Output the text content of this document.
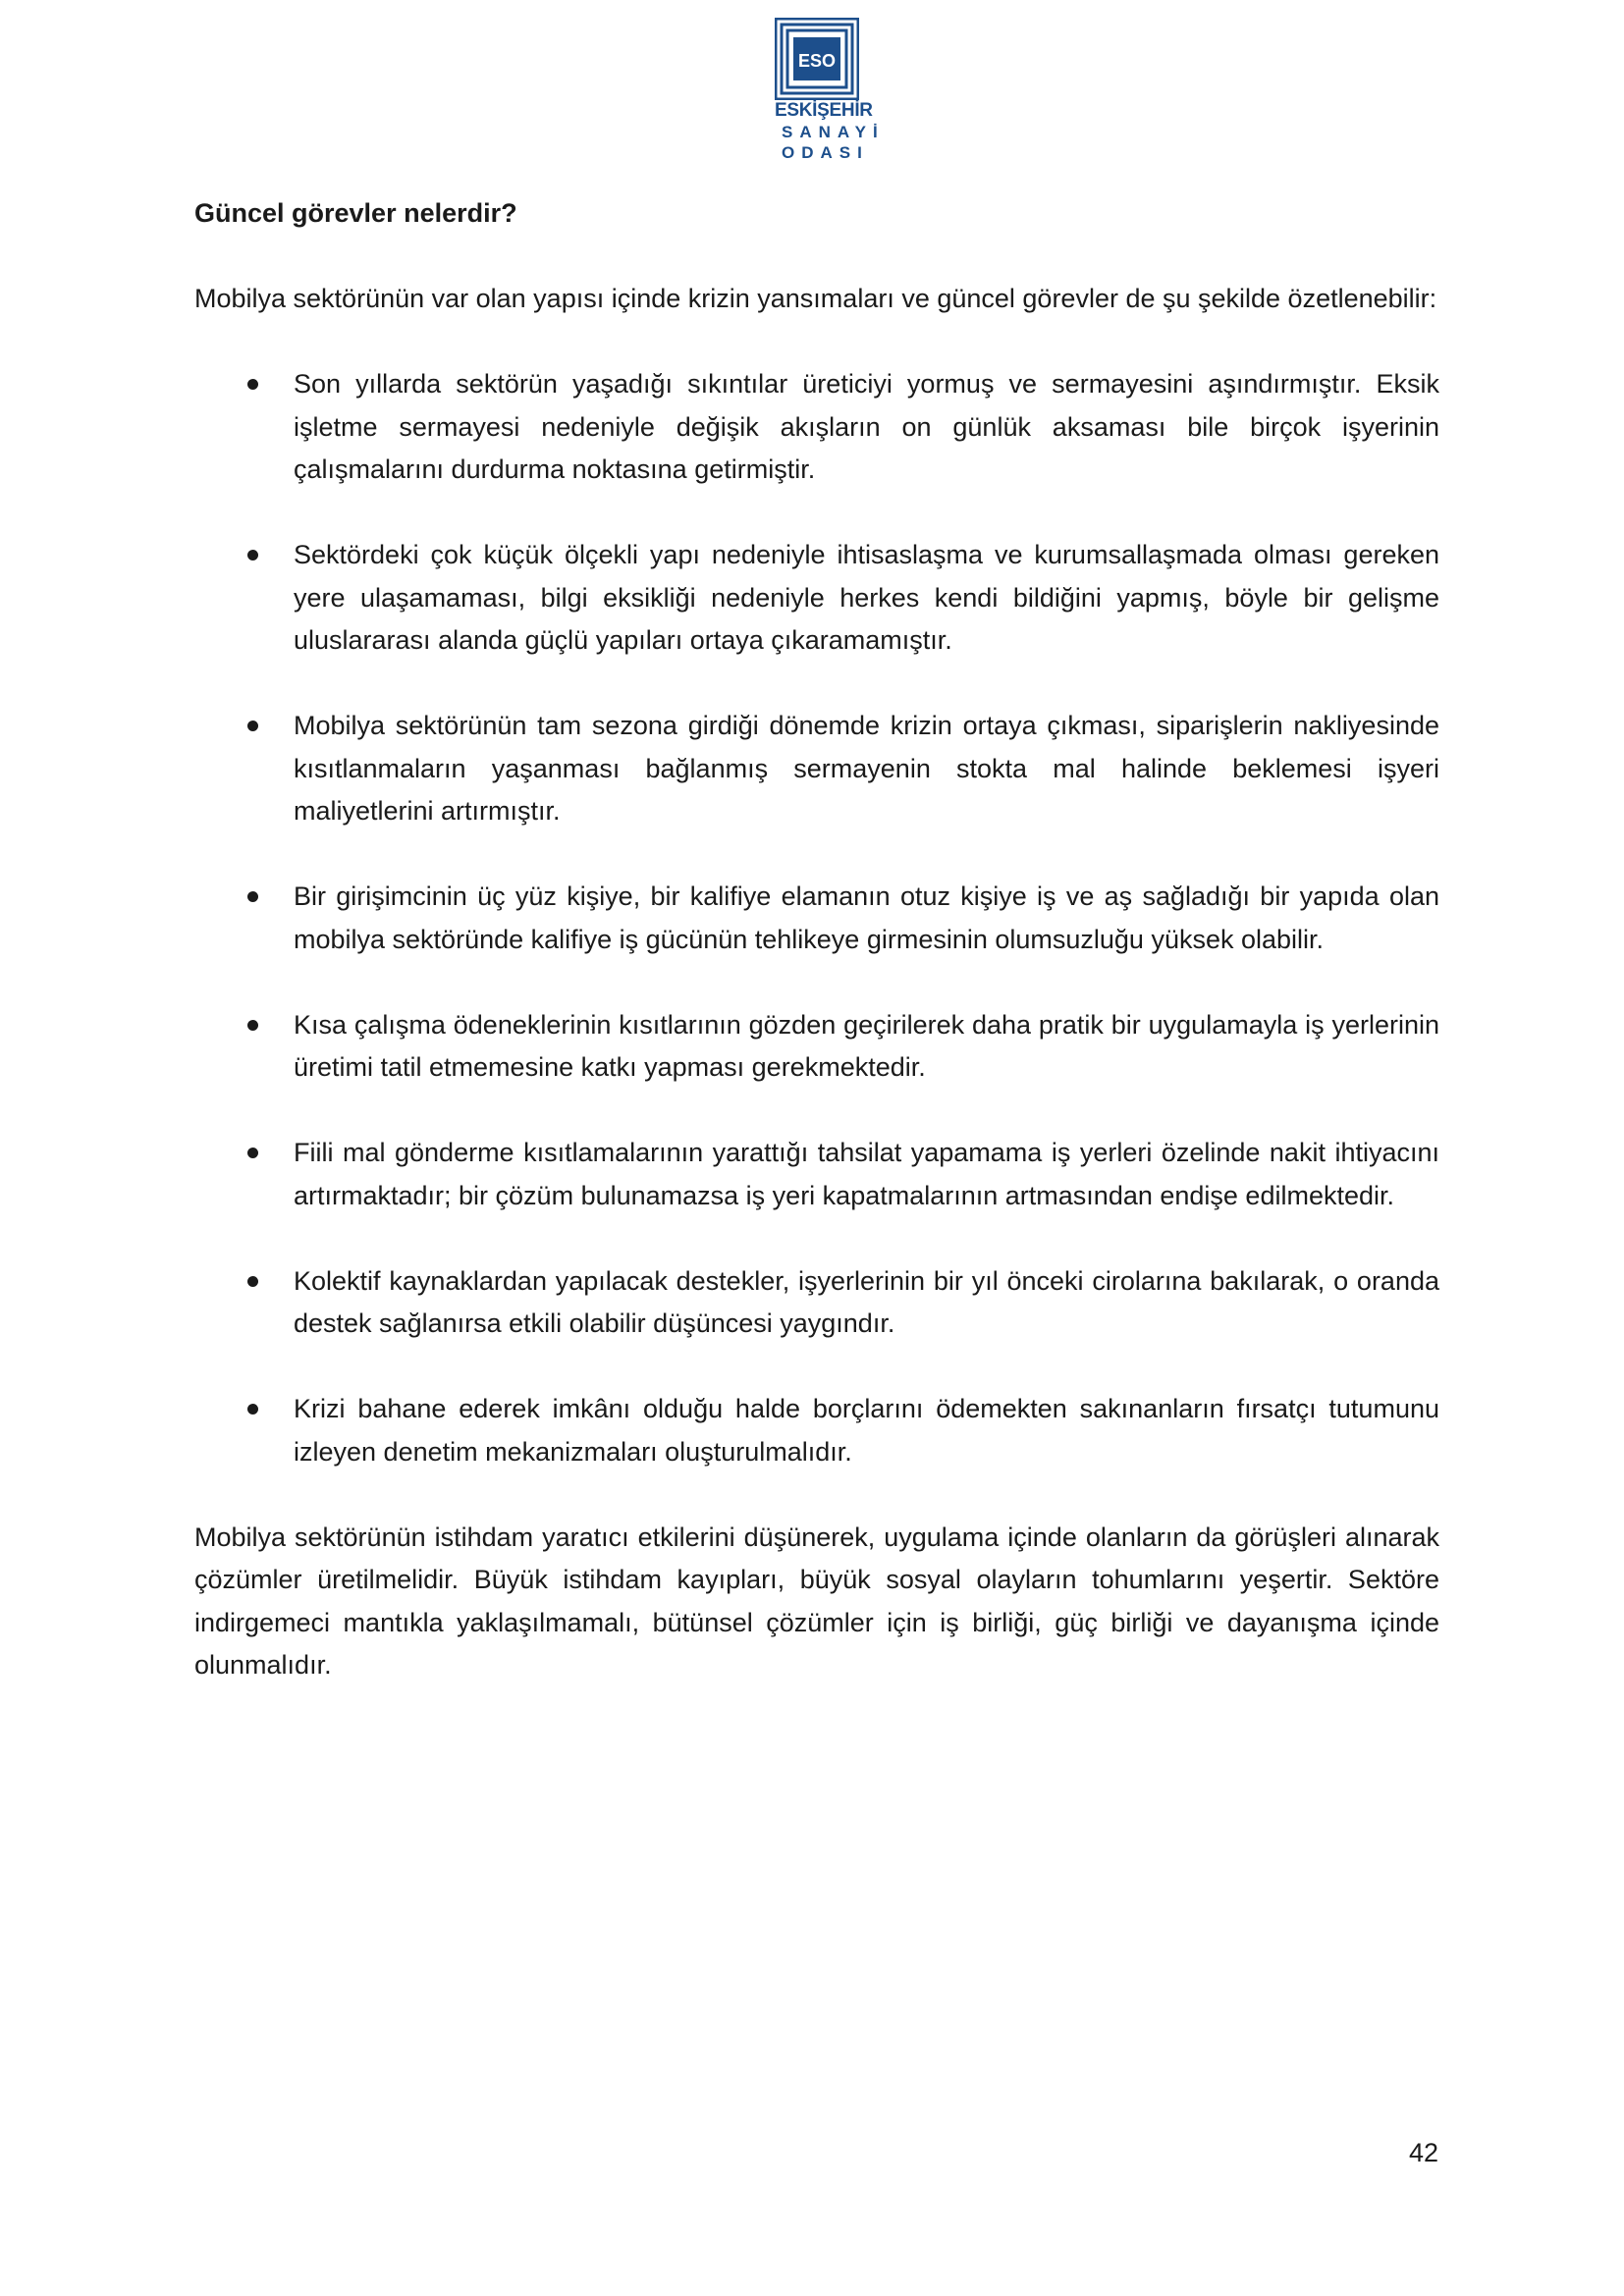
ESO
ESKİŞEHİR
SANAYİ
ODASI

Güncel görevler nelerdir?

Mobilya sektörünün var olan yapısı içinde krizin yansımaları ve güncel görevler de şu şekilde özetlenebilir:

Son yıllarda sektörün yaşadığı sıkıntılar üreticiyi yormuş ve sermayesini aşındırmıştır. Eksik işletme sermayesi nedeniyle değişik akışların on günlük aksaması bile birçok işyerinin çalışmalarını durdurma noktasına getirmiştir.
Sektördeki çok küçük ölçekli yapı nedeniyle ihtisaslaşma ve kurumsallaşmada olması gereken yere ulaşamaması, bilgi eksikliği nedeniyle herkes kendi bildiğini yapmış, böyle bir gelişme uluslararası alanda güçlü yapıları ortaya çıkaramamıştır.
Mobilya sektörünün tam sezona girdiği dönemde krizin ortaya çıkması, siparişlerin nakliyesinde kısıtlanmaların yaşanması bağlanmış sermayenin stokta mal halinde beklemesi işyeri maliyetlerini artırmıştır.
Bir girişimcinin üç yüz kişiye, bir kalifiye elamanın otuz kişiye iş ve aş sağladığı bir yapıda olan mobilya sektöründe kalifiye iş gücünün tehlikeye girmesinin olumsuzluğu yüksek olabilir.
Kısa çalışma ödeneklerinin kısıtlarının gözden geçirilerek daha pratik bir uygulamayla iş yerlerinin üretimi tatil etmemesine katkı yapması gerekmektedir.
Fiili mal gönderme kısıtlamalarının yarattığı tahsilat yapamama iş yerleri özelinde nakit ihtiyacını artırmaktadır; bir çözüm bulunamazsa iş yeri kapatmalarının artmasından endişe edilmektedir.
Kolektif kaynaklardan yapılacak destekler, işyerlerinin bir yıl önceki cirolarına bakılarak, o oranda destek sağlanırsa etkili olabilir düşüncesi yaygındır.
Krizi bahane ederek imkânı olduğu halde borçlarını ödemekten sakınanların fırsatçı tutumunu izleyen denetim mekanizmaları oluşturulmalıdır.

Mobilya sektörünün istihdam yaratıcı etkilerini düşünerek, uygulama içinde olanların da görüşleri alınarak çözümler üretilmelidir. Büyük istihdam kayıpları, büyük sosyal olayların tohumlarını yeşertir. Sektöre indirgemeci mantıkla yaklaşılmamalı, bütünsel çözümler için iş birliği, güç birliği ve dayanışma içinde olunmalıdır.

42
